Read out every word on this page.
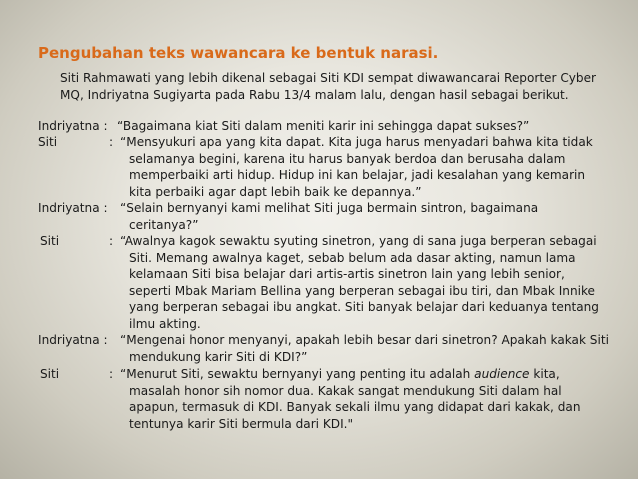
Pengubahan teks wawancara ke bentuk narasi.
Siti Rahmawati yang lebih dikenal sebagai Siti KDI sempat diwawancarai Reporter Cyber MQ, Indriyatna Sugiyarta pada Rabu 13/4 malam lalu, dengan hasil sebagai berikut.
Indriyatna : “Bagaimana kiat Siti dalam meniti karir ini sehingga dapat sukses?”
Siti	: “Mensyukuri apa yang kita dapat. Kita juga harus menyadari bahwa kita tidak selamanya begini, karena itu harus banyak berdoa dan berusaha dalam memperbaiki arti hidup. Hidup ini kan belajar, jadi kesalahan yang kemarin kita perbaiki agar dapt lebih baik ke depannya.”
Indriyatna : “Selain bernyanyi kami melihat Siti juga bermain sintron, bagaimana ceritanya?”
Siti	: “Awalnya kagok sewaktu syuting sinetron, yang di sana juga berperan sebagai Siti. Memang awalnya kaget, sebab belum ada dasar akting, namun lama kelamaan Siti bisa belajar dari artis-artis sinetron lain yang lebih senior, seperti Mbak Mariam Bellina yang berperan sebagai ibu tiri, dan Mbak Innike yang berperan sebagai ibu angkat. Siti banyak belajar dari keduanya tentang ilmu akting.
Indriyatna : “Mengenai honor menyanyi, apakah lebih besar dari sinetron? Apakah kakak Siti mendukung karir Siti di KDI?”
Siti	: “Menurut Siti, sewaktu bernyanyi yang penting itu adalah audience kita, masalah honor sih nomor dua. Kakak sangat mendukung Siti dalam hal apapun, termasuk di KDI. Banyak sekali ilmu yang didapat dari kakak, dan tentunya karir Siti bermula dari KDI."
